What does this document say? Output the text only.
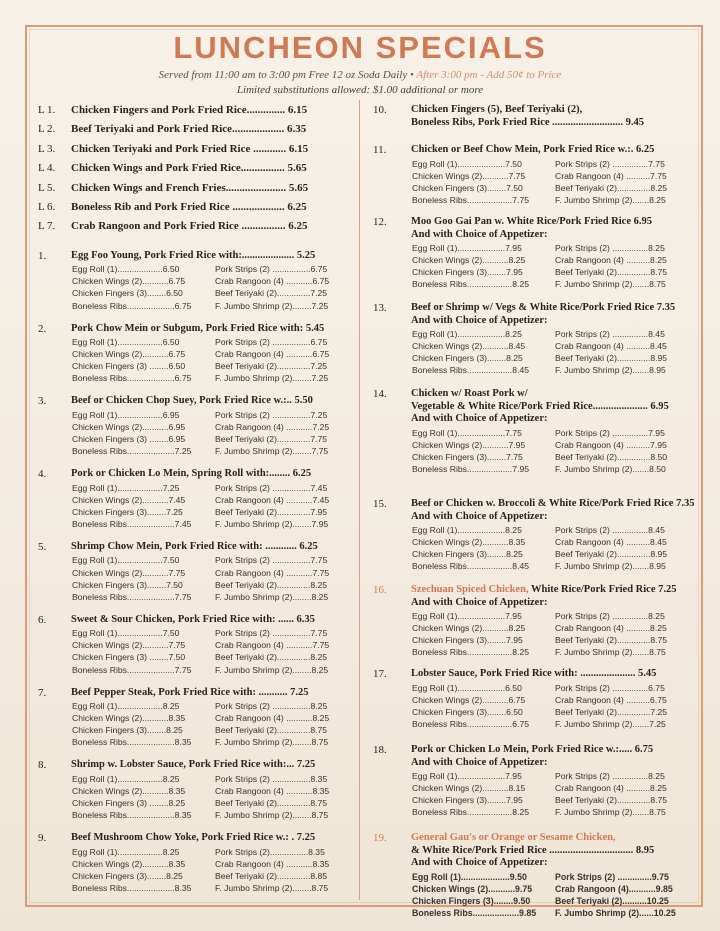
LUNCHEON SPECIALS
Served from 11:00 am to 3:00 pm Free 12 oz Soda Daily • After 3:00 pm - Add 50¢ to Price
Limited substitutions allowed: $1.00 additional or more
L 1. Chicken Fingers and Pork Fried Rice.............. 6.15
L 2. Beef Teriyaki and Pork Fried Rice................... 6.35
L 3. Chicken Teriyaki and Pork Fried Rice ............ 6.15
L 4. Chicken Wings and Pork Fried Rice................ 5.65
L 5. Chicken Wings and French Fries...................... 5.65
L 6. Boneless Rib and Pork Fried Rice ................... 6.25
L 7. Crab Rangoon and Pork Fried Rice ................ 6.25
1.	Egg Foo Young, Pork Fried Rice with:.................... 5.25
Egg Roll (1)...................6.50	Pork Strips (2) ................6.75
Chicken Wings (2)...........6.75	Crab Rangoon (4) ...........6.75
Chicken Fingers (3)........6.50	Beef Teriyaki (2)..............7.25
Boneless Ribs....................6.75	F. Jumbo Shrimp (2)........7.25
2.	Pork Chow Mein or Subgum, Pork Fried Rice with: 5.45
Egg Roll (1)...................6.50	Pork Strips (2) ................6.75
Chicken Wings (2)...........6.75	Crab Rangoon (4) ...........6.75
Chicken Fingers (3) ........6.50	Beef Teriyaki (2)..............7.25
Boneless Ribs....................6.75	F. Jumbo Shrimp (2)........7.25
3.	Beef or Chicken Chop Suey, Pork Fried Rice w.:.. 5.50
Egg Roll (1)...................6.95	Pork Strips (2) ................7.25
Chicken Wings (2)...........6.95	Crab Rangoon (4) ...........7.25
Chicken Fingers (3) ........6.95	Beef Teriyaki (2)..............7.75
Boneless Ribs....................7.25	F. Jumbo Shrimp (2)........7.75
4.	Pork or Chicken Lo Mein, Spring Roll with:........ 6.25
Egg Roll (1)...................7.25	Pork Strips (2) ................7.45
Chicken Wings (2)...........7.45	Crab Rangoon (4) ...........7.45
Chicken Fingers (3)........7.25	Beef Teriyaki (2)..............7.95
Boneless Ribs....................7.45	F. Jumbo Shrimp (2)........7.95
5.	Shrimp Chow Mein, Pork Fried Rice with: ............ 6.25
Egg Roll (1)...................7.50	Pork Strips (2) ................7.75
Chicken Wings (2)...........7.75	Crab Rangoon (4) ...........7.75
Chicken Fingers (3)........7.50	Beef Teriyaki (2)..............8.25
Boneless Ribs....................7.75	F. Jumbo Shrimp (2)........8.25
6.	Sweet & Sour Chicken, Pork Fried Rice with: ...... 6.35
Egg Roll (1)...................7.50	Pork Strips (2) ................7.75
Chicken Wings (2)...........7.75	Crab Rangoon (4) ...........7.75
Chicken Fingers (3) ........7.50	Beef Teriyaki (2)..............8.25
Boneless Ribs....................7.75	F. Jumbo Shrimp (2)........8.25
7.	Beef Pepper Steak, Pork Fried Rice with: ........... 7.25
Egg Roll (1)...................8.25	Pork Strips (2) ................8.25
Chicken Wings (2)...........8.35	Crab Rangoon (4) ...........8.25
Chicken Fingers (3)........8.25	Beef Teriyaki (2)..............8.75
Boneless Ribs....................8.35	F. Jumbo Shrimp (2)........8.75
8.	Shrimp w. Lobster Sauce, Pork Fried Rice with:... 7.25
Egg Roll (1)...................8.25	Pork Strips (2) ................8.35
Chicken Wings (2)...........8.35	Crab Rangoon (4) ...........8.35
Chicken Fingers (3) ........8.25	Beef Teriyaki (2)..............8.75
Boneless Ribs....................8.35	F. Jumbo Shrimp (2)........8.75
9.	Beef Mushroom Chow Yoke, Pork Fried Rice w.: . 7.25
Egg Roll (1)...................8.25	Pork Strips (2)................8.35
Chicken Wings (2)...........8.35	Crab Rangoon (4) ...........8.35
Chicken Fingers (3)........8.25	Beef Teriyaki (2)..............8.85
Boneless Ribs....................8.35	F. Jumbo Shrimp (2)........8.75
10.	Chicken Fingers (5), Beef Teriyaki (2),
Boneless Ribs, Pork Fried Rice ........................... 9.45
11.	Chicken or Beef Chow Mein, Pork Fried Rice w.:. 6.25
Egg Roll (1)....................7.50	Pork Strips (2) ...............7.75
Chicken Wings (2)...........7.75	Crab Rangoon (4) ..........7.75
Chicken Fingers (3)........7.50	Beef Teriyaki (2)..............8.25
Boneless Ribs...................7.75	F. Jumbo Shrimp (2).......8.25
12.	Moo Goo Gai Pan w. White Rice/Pork Fried Rice 6.95
And with Choice of Appetizer:
Egg Roll (1)....................7.95	Pork Strips (2) ...............8.25
Chicken Wings (2)...........8.25	Crab Rangoon (4) ..........8.25
Chicken Fingers (3)........7.95	Beef Teriyaki (2)..............8.75
Boneless Ribs...................8.25	F. Jumbo Shrimp (2).......8.75
13.	Beef or Shrimp w/ Vegs & White Rice/Pork Fried Rice 7.35
And with Choice of Appetizer:
Egg Roll (1)....................8.25	Pork Strips (2) ...............8.45
Chicken Wings (2)...........8.45	Crab Rangoon (4) ..........8.45
Chicken Fingers (3)........8.25	Beef Teriyaki (2)..............8.95
Boneless Ribs...................8.45	F. Jumbo Shrimp (2).......8.95
14.	Chicken w/ Roast Pork w/
Vegetable & White Rice/Pork Fried Rice..................... 6.95
And with Choice of Appetizer:
Egg Roll (1)....................7.75	Pork Strips (2) ...............7.95
Chicken Wings (2)...........7.95	Crab Rangoon (4) ..........7.95
Chicken Fingers (3)........7.75	Beef Teriyaki (2)..............8.50
Boneless Ribs...................7.95	F. Jumbo Shrimp (2).......8.50
15.	Beef or Chicken w. Broccoli & White Rice/Pork Fried Rice 7.35
And with Choice of Appetizer:
Egg Roll (1)....................8.25	Pork Strips (2) ...............8.45
Chicken Wings (2)...........8.35	Crab Rangoon (4) ..........8.45
Chicken Fingers (3)........8.25	Beef Teriyaki (2)..............8.95
Boneless Ribs...................8.45	F. Jumbo Shrimp (2).......8.95
16.	Szechuan Spiced Chicken, White Rice/Pork Fried Rice 7.25
And with Choice of Appetizer:
Egg Roll (1)....................7.95	Pork Strips (2) ...............8.25
Chicken Wings (2)...........8.25	Crab Rangoon (4) ..........8.25
Chicken Fingers (3)........7.95	Beef Teriyaki (2)..............8.75
Boneless Ribs...................8.25	F. Jumbo Shrimp (2).......8.75
17.	Lobster Sauce, Pork Fried Rice with: ..................... 5.45
Egg Roll (1)....................6.50	Pork Strips (2) ...............6.75
Chicken Wings (2)...........6.75	Crab Rangoon (4) ..........6.75
Chicken Fingers (3)........6.50	Beef Teriyaki (2)..............7.25
Boneless Ribs...................6.75	F. Jumbo Shrimp (2).......7.25
18.	Pork or Chicken Lo Mein, Pork Fried Rice w.:..... 6.75
And with Choice of Appetizer:
Egg Roll (1)....................7.95	Pork Strips (2) ...............8.25
Chicken Wings (2)...........8.15	Crab Rangoon (4) ..........8.25
Chicken Fingers (3)........7.95	Beef Teriyaki (2)..............8.75
Boneless Ribs...................8.25	F. Jumbo Shrimp (2).......8.75
19.	General Gau's or Orange or Sesame Chicken,
& White Rice/Pork Fried Rice ................................ 8.95
And with Choice of Appetizer:
Egg Roll (1)....................9.50	Pork Strips (2) ..............9.75
Chicken Wings (2)...........9.75	Crab Rangoon (4)...........9.85
Chicken Fingers (3)........9.50	Beef Teriyaki (2)..........10.25
Boneless Ribs...................9.85	F. Jumbo Shrimp (2)......10.25
